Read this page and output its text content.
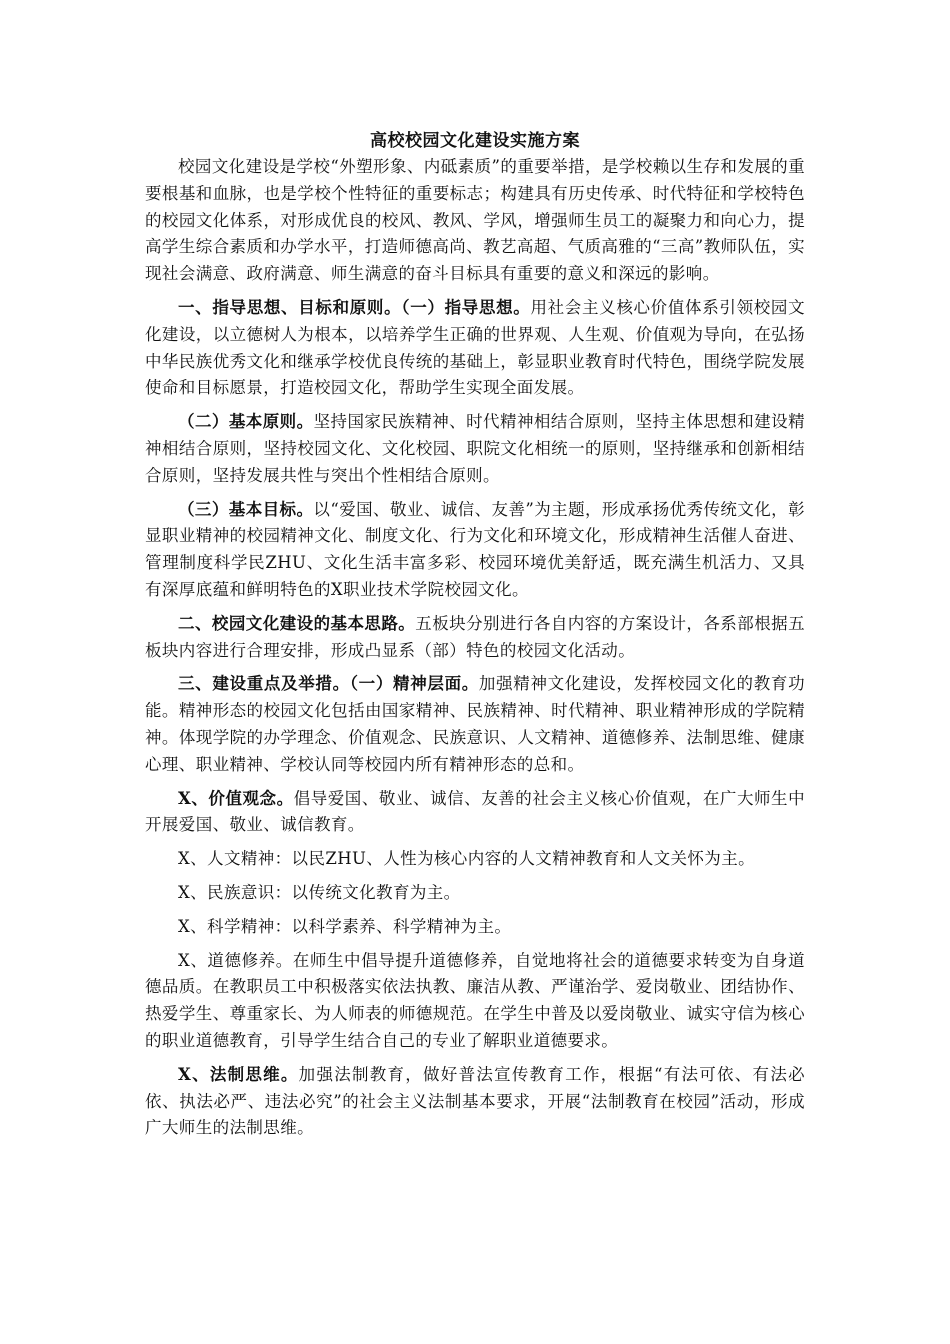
高校校园文化建设实施方案

校园文化建设是学校“外塑形象、内砥素质”的重要举措，是学校赖以生存和发展的重要根基和血脉，也是学校个性特征的重要标志；构建具有历史传承、时代特征和学校特色的校园文化体系，对形成优良的校风、教风、学风，增强师生员工的凝聚力和向心力，提高学生综合素质和办学水平，打造师德高尚、教艺高超、气质高雅的“三高”教师队伍，实现社会满意、政府满意、师生满意的奋斗目标具有重要的意义和深远的影响。

一、指导思想、目标和原则。（一）指导思想。用社会主义核心价值体系引领校园文化建设，以立德树人为根本，以培养学生正确的世界观、人生观、价值观为导向，在弘扬中华民族优秀文化和继承学校优良传统的基础上，彰显职业教育时代特色，围绕学院发展使命和目标愿景，打造校园文化，帮助学生实现全面发展。

（二）基本原则。坚持国家民族精神、时代精神相结合原则，坚持主体思想和建设精神相结合原则，坚持校园文化、文化校园、职院文化相统一的原则，坚持继承和创新相结合原则，坚持发展共性与突出个性相结合原则。

（三）基本目标。以“爱国、敬业、诚信、友善”为主题，形成承扬优秀传统文化，彰显职业精神的校园精神文化、制度文化、行为文化和环境文化，形成精神生活催人奋进、管理制度科学民ZHU、文化生活丰富多彩、校园环境优美舒适，既充满生机活力、又具有深厚底蕴和鲜明特色的X职业技术学院校园文化。

二、校园文化建设的基本思路。五板块分别进行各自内容的方案设计，各系部根据五板块内容进行合理安排，形成凸显系（部）特色的校园文化活动。

三、建设重点及举措。（一）精神层面。加强精神文化建设，发挥校园文化的教育功能。精神形态的校园文化包括由国家精神、民族精神、时代精神、职业精神形成的学院精神。体现学院的办学理念、价值观念、民族意识、人文精神、道德修养、法制思维、健康心理、职业精神、学校认同等校园内所有精神形态的总和。

X、价值观念。倡导爱国、敬业、诚信、友善的社会主义核心价值观，在广大师生中开展爱国、敬业、诚信教育。

X、人文精神：以民ZHU、人性为核心内容的人文精神教育和人文关怀为主。

X、民族意识：以传统文化教育为主。

X、科学精神：以科学素养、科学精神为主。

X、道德修养。在师生中倡导提升道德修养，自觉地将社会的道德要求转变为自身道德品质。在教职员工中积极落实依法执教、廉洁从教、严谨治学、爱岗敬业、团结协作、热爱学生、尊重家长、为人师表的师德规范。在学生中普及以爱岗敬业、诚实守信为核心的职业道德教育，引导学生结合自己的专业了解职业道德要求。

X、法制思维。加强法制教育，做好普法宣传教育工作，根据“有法可依、有法必依、执法必严、违法必究”的社会主义法制基本要求，开展“法制教育在校园”活动，形成广大师生的法制思维。
